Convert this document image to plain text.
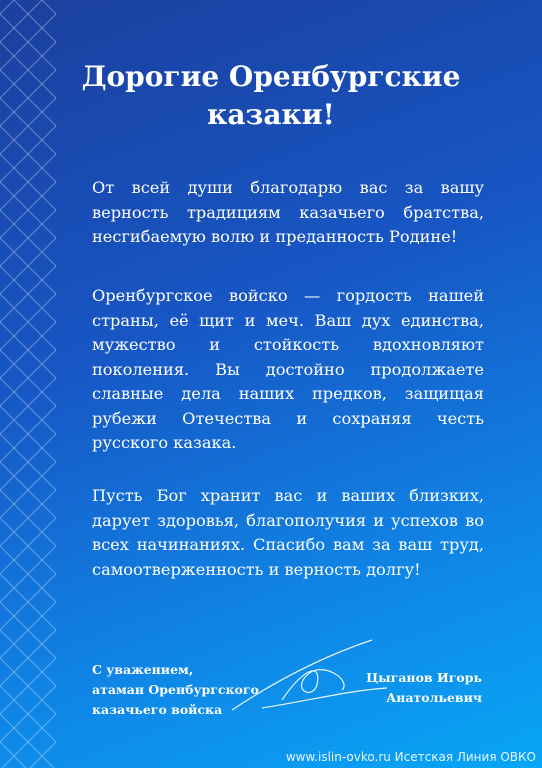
Дорогие Оренбургские казаки!
От всей души благодарю вас за вашу верность традициям казачьего братства, несгибаемую волю и преданность Родине!
Оренбургское войско — гордость нашей страны, её щит и меч. Ваш дух единства, мужество и стойкость вдохновляют поколения. Вы достойно продолжаете славные дела наших предков, защищая рубежи Отечества и сохраняя честь русского казака.
Пусть Бог хранит вас и ваших близких, дарует здоровья, благополучия и успехов во всех начинаниях. Спасибо вам за ваш труд, самоотверженность и верность долгу!
С уважением,
атаман Оренбургского
казачьего войска
Цыганов Игорь
Анатольевич
www.islin-ovko.ru Исетская Линия ОВКО
